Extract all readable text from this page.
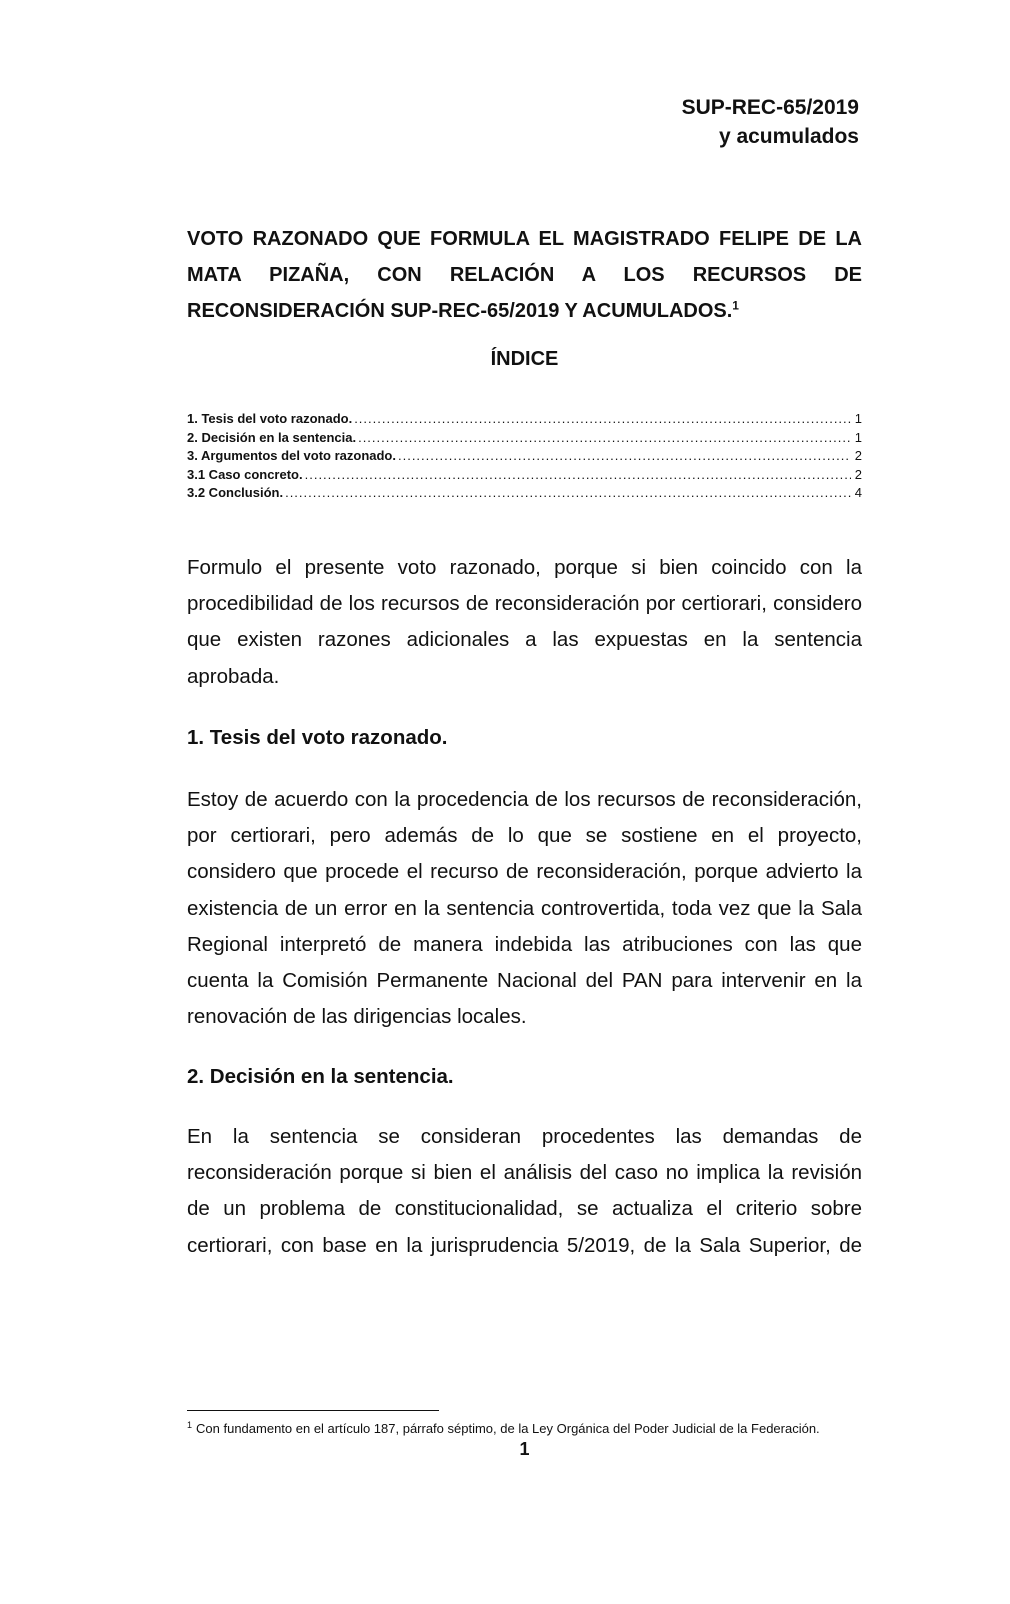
SUP-REC-65/2019
y acumulados
VOTO RAZONADO QUE FORMULA EL MAGISTRADO FELIPE DE LA
MATA PIZAÑA, CON RELACIÓN A LOS RECURSOS DE
RECONSIDERACIÓN SUP-REC-65/2019 Y ACUMULADOS.$^1$
ÍNDICE
1. Tesis del voto razonado. .....	1
2. Decisión en la sentencia. .....	1
3. Argumentos del voto razonado. .....	2
3.1 Caso concreto. .....	2
3.2 Conclusión. .....	4

Formulo el presente voto razonado, porque si bien coincido con la procedibilidad de los recursos de reconsideración por certiorari, considero que existen razones adicionales a las expuestas en la sentencia aprobada.

1. Tesis del voto razonado.

Estoy de acuerdo con la procedencia de los recursos de reconsideración, por certiorari, pero además de lo que se sostiene en el proyecto, considero que procede el recurso de reconsideración, porque advierto la existencia de un error en la sentencia controvertida, toda vez que la Sala Regional interpretó de manera indebida las atribuciones con las que cuenta la Comisión Permanente Nacional del PAN para intervenir en la renovación de las dirigencias locales.

2. Decisión en la sentencia.

En la sentencia se consideran procedentes las demandas de reconsideración porque si bien el análisis del caso no implica la revisión de un problema de constitucionalidad, se actualiza el criterio sobre certiorari, con base en la jurisprudencia 5/2019, de la Sala Superior, de

$^1$ Con fundamento en el artículo 187, párrafo séptimo, de la Ley Orgánica del Poder Judicial de la Federación.
1
